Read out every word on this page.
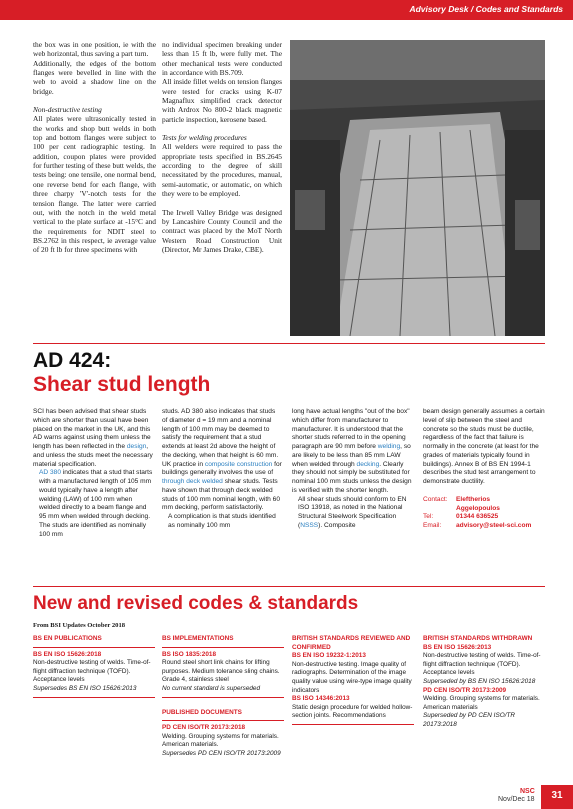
Advisory Desk / Codes and Standards

the box was in one position, ie with the web horizontal, thus saving a part turn.

Additionally, the edges of the bottom flanges were bevelled in line with the web to avoid a shadow line on the bridge.

Non-destructive testing

All plates were ultrasonically tested in the works and shop butt welds in both top and bottom flanges were subject to 100 per cent radiographic testing. In addition, coupon plates were provided for further testing of these butt welds, the tests being: one tensile, one normal bend, one reverse bend for each flange, with three charpy 'V'-notch tests for the tension flange. The latter were carried out, with the notch in the weld metal vertical to the plate surface at -15°C and the requirements for NDIT steel to BS.2762 in this respect, ie average value of 20 ft lb for three specimens with

no individual specimen breaking under less than 15 ft lb, were fully met. The other mechanical tests were conducted in accordance with BS.709.

All inside fillet welds on tension flanges were tested for cracks using K-07 Magnaflux simplified crack detector with Ardrox No 800-2 black magnetic particle inspection, kerosene based.

Tests for welding procedures

All welders were required to pass the appropriate tests specified in BS.2645 according to the degree of skill necessitated by the procedures, manual, semi-automatic, or automatic, on which they were to be employed.

The Irwell Valley Bridge was designed by Lancashire County Council and the contract was placed by the MoT North Western Road Construction Unit (Director, Mr James Drake, CBE).

AD 424:
Shear stud length

SCI has been advised that shear studs which are shorter than usual have been placed on the market in the UK, and this AD warns against using them unless the length has been reflected in the design, and unless the studs meet the necessary material specification.

AD 380 indicates that a stud that starts with a manufactured length of 105 mm would typically have a length after welding (LAW) of 100 mm when welded directly to a beam flange and 95 mm when welded through decking. The studs are identified as nominally 100 mm

studs. AD 380 also indicates that studs of diameter d = 19 mm and a nominal length of 100 mm may be deemed to satisfy the requirement that a stud extends at least 2d above the height of the decking, when that height is 60 mm. UK practice in composite construction for buildings generally involves the use of through deck welded shear studs. Tests have shown that through deck welded studs of 100 mm nominal length, with 60 mm decking, perform satisfactorily.

A complication is that studs identified as nominally 100 mm

long have actual lengths "out of the box" which differ from manufacturer to manufacturer. It is understood that the shorter studs referred to in the opening paragraph are 90 mm before welding, so are likely to be less than 85 mm LAW when welded through decking. Clearly they should not simply be substituted for nominal 100 mm studs unless the design is verified with the shorter length.

All shear studs should conform to EN ISO 13918, as noted in the National Structural Steelwork Specification (NSSS). Composite

beam design generally assumes a certain level of slip between the steel and concrete so the studs must be ductile, regardless of the fact that failure is normally in the concrete (at least for the grades of materials typically found in buildings). Annex B of BS EN 1994-1 describes the stud test arrangement to demonstrate ductility.

Contact:	Eleftherios
Aggelopoulos
Tel:	01344 636525
Email:	advisory@steel-sci.com
New and revised codes & standards
From BSI Updates October 2018
BS EN PUBLICATIONS
BS EN ISO 15626:2018
Non-destructive testing of welds. Time-of-flight diffraction technique (TOFD). Acceptance levels
Supersedes BS EN ISO 15626:2013
BS IMPLEMENTATIONS
BS ISO 1835:2018
Round steel short link chains for lifting purposes. Medium tolerance sling chains. Grade 4, stainless steel
No current standard is superseded
PUBLISHED DOCUMENTS
PD CEN ISO/TR 20173:2018
Welding. Grouping systems for materials. American materials.
Supersedes PD CEN ISO/TR 20173:2009
BRITISH STANDARDS REVIEWED AND CONFIRMED
BS EN ISO 19232-1:2013
Non-destructive testing. Image quality of radiographs. Determination of the image quality value using wire-type image quality indicators
BS ISO 14346:2013
Static design procedure for welded hollow-section joints. Recommendations
BRITISH STANDARDS WITHDRAWN
BS EN ISO 15626:2013
Non-destructive testing of welds. Time-of-flight diffraction technique (TOFD). Acceptance levels
Superseded by BS EN ISO 15626:2018
PD CEN ISO/TR 20173:2009
Welding. Grouping systems for materials. American materials
Superseded by PD CEN ISO/TR 20173:2018
NSC
Nov/Dec 18	31
